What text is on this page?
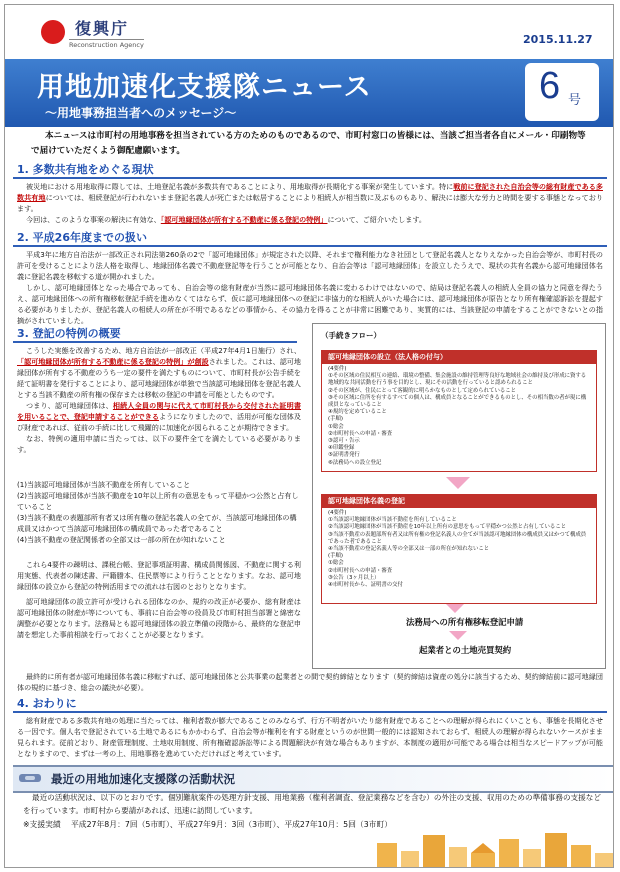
復興庁
Reconstruction Agency	2015.11.27
用地加速化支援隊ニュース
～用地事務担当者へのメッセージ～
6 号
本ニュースは市町村の用地事務を担当されている方のためのものであるので、市町村窓口の皆様には、当該ご担当者各自にメール・印刷物等で届けていただくよう御配慮願います。
1. 多数共有地をめぐる現状

被災地における用地取得に際しては、土地登記名義が多数共有であることにより、用地取得が長期化する事案が発生しています。特に戦前に登記された自治会等の総有財産である多数共有地については、相続登記が行われないまま登記名義人が死亡または転居することにより相続人が相当数に及ぶものもあり、解決には膨大な労力と時間を要する事態となっております。

今回は、このような事案の解決に有効な、「認可地縁団体が所有する不動産に係る登記の特例」について、ご紹介いたします。

2. 平成26年度までの扱い

平成3年に地方自治法が一部改正され同法第260条の2で「認可地縁団体」が規定された以降、それまで権利能力なき社団として登記名義人となりえなかった自治会等が、市町村長の許可を受けることにより法人格を取得し、地縁団体名義で不動産登記等を行うことが可能となり、自治会等は「認可地縁団体」を設立したうえで、現状の共有名義から認可地縁団体名義に登記名義を移転する道が開かれました。

しかし、認可地縁団体となった場合であっても、自治会等の総有財産が当然に認可地縁団体名義に変わるわけではないので、結局は登記名義人の相続人全員の協力と同意を得たうえ、認可地縁団体への所有権移転登記手続を進めなくてはならず、仮に認可地縁団体への登記に非協力的な相続人がいた場合には、認可地縁団体が原告となり所有権確認訴訟を提起する必要がありましたが、登記名義人の相続人の所在が不明であるなどの事情から、その協力を得ることが非常に困難であり、実質的には、当該登記の申請をすることができないとの指摘がされていました。

3. 登記の特例の概要

こうした実態を改善するため、地方自治法が一部改正（平成27年4月1日施行）され、「認可地縁団体が所有する不動産に係る登記の特例」が創設されました。これは、認可地縁団体が所有する不動産のうち一定の要件を満たすものについて、市町村長が公告手続を経て証明書を発行することにより、認可地縁団体が単独で当該認可地縁団体を登記名義人とする当該不動産の所有権の保存または移転の登記の申請を可能としたものです。

つまり、認可地縁団体は、相続人全員の関与に代えて市町村長から交付された証明書を用いることで、登記申請することができるようになりましたので、活用が可能な団体及び財産であれば、従前の手続に比して飛躍的に加速化が図られることが期待できます。

なお、特例の適用申請に当たっては、以下の要件全てを満たしている必要があります。

(1)当該認可地縁団体が当該不動産を所有していること
(2)当該認可地縁団体が当該不動産を10年以上所有の意思をもって平穏かつ公然と占有していること
(3)当該不動産の表題部所有者又は所有権の登記名義人の全てが、当該認可地縁団体の構成員又はかつて当該認可地縁団体の構成員であった者であること
(4)当該不動産の登記関係者の全部又は一部の所在が知れないこと

これら4要件の疎明は、課税台帳、登記事項証明書、構成員関係図、不動産に関する利用実態、代表者の陳述書、戸籍謄本、住民票等により行うこととなります。なお、認可地縁団体の設立から登記の特例活用までの流れは右図のとおりとなります。

認可地縁団体の設立許可が受けられる団体なのか、規約の改正が必要か、総有財産は認可地縁団体の財産が等についても、事前に自治会等の役員及び市町村担当部署と綿密な調整が必要となります。法務局とも認可地縁団体の設立準備の段階から、最終的な登記申請を想定した事前相談を行っておくことが必要となります。

最終的に所有者が認可地縁団体名義に移転すれば、認可地縁団体と公共事業の起業者との間で契約締結となります（契約締結は資産の処分に該当するため、契約締結前に認可地縁団体の規約に基づき、総会の議決が必要）。

（手続きフロー）
認可地縁団体の設立（法人格の付与）
(4要件)
①その区域の住民相互の連絡、環境の整備、集会施設の維持管理等良好な地域社会の維持及び形成に資する地域的な共同活動を行う事を目的とし、現にその活動を行っていると認められること
②その区域が、住民にとって客観的に明らかなものとして定められていること
③その区域に住所を有するすべての個人は、構成員となることができるものとし、その相当数の者が現に構成員となっていること
④規約を定めていること
(手順)
①総会
②市町村長への申請・審査
③認可・告示
④印鑑登録
⑤証明書発行
⑥法務局への設立登記
認可地縁団体名義の登記
(4要件)
①当該認可地縁団体が当該不動産を所有していること
②当該認可地縁団体が当該不動産を10年以上所有の意思をもって平穏かつ公然と占有していること
③当該不動産の表題部所有者又は所有権の登記名義人の全てが当該認可地縁団体の構成員又はかつて構成員であった者であること
④当該不動産の登記名義人等の全部又は一部の所在が知れないこと
(手順)
①総会
②市町村長への申請・審査
③公告（3ヶ月以上）
④市町村長から、証明書の交付
法務局への所有権移転登記申請
起業者との土地売買契約
4. おわりに

総有財産である多数共有地の処理に当たっては、権利者数が膨大であることのみならず、行方不明者がいたり総有財産であることへの理解が得られにくいことも、事態を長期化させる一因です。個人名で登記されている土地であるにもかかわらず、自治会等が権利を有する財産というのが世間一般的には認知されておらず、相続人の理解が得られないケースがまま見られます。従前どおり、財産管理制度、土地収用制度、所有権確認訴訟等による問題解決が有効な場合もありますが、本制度の適用が可能である場合は相当なスピードアップが可能となりますので、まずは一考の上、用地事務を進めていただければと考えています。

最近の用地加速化支援隊の活動状況

最近の活動状況は、以下のとおりです。個別難航案件の処理方針支援、用地業務（権利者調査、登記業務などを含む）の外注の支援、収用のための準備事務の支援などを行っています。市町村から要請があれば、迅速に訪問しています。

※支援実績　 平成27年8月：7回（5市町）、平成27年9月：3回（3市町）、平成27年10月：5回（3市町）
